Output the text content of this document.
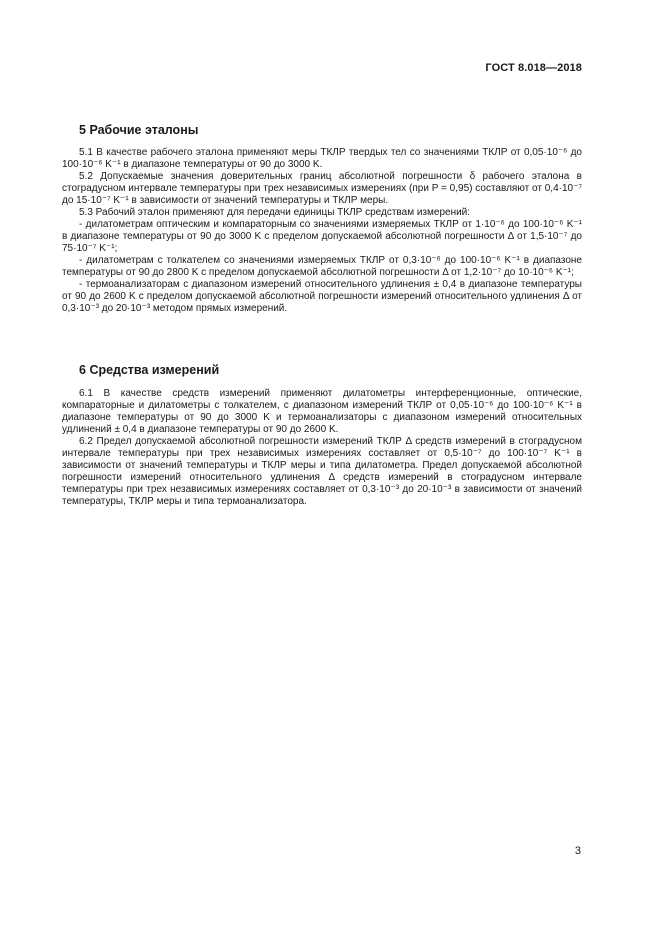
ГОСТ 8.018—2018
5 Рабочие эталоны

5.1 В качестве рабочего эталона применяют меры ТКЛР твердых тел со значениями ТКЛР от 0,05·10⁻⁶ до 100·10⁻⁶ K⁻¹ в диапазоне температуры от 90 до 3000 K.

5.2 Допускаемые значения доверительных границ абсолютной погрешности δ рабочего эталона в стоградусном интервале температуры при трех независимых измерениях (при P = 0,95) составляют от 0,4·10⁻⁷ до 15·10⁻⁷ K⁻¹ в зависимости от значений температуры и ТКЛР меры.

5.3 Рабочий эталон применяют для передачи единицы ТКЛР средствам измерений:

- дилатометрам оптическим и компараторным со значениями измеряемых ТКЛР от 1·10⁻⁶ до 100·10⁻⁶ K⁻¹ в диапазоне температуры от 90 до 3000 K с пределом допускаемой абсолютной погрешности Δ от 1,5·10⁻⁷ до 75·10⁻⁷ K⁻¹;

- дилатометрам с толкателем со значениями измеряемых ТКЛР от 0,3·10⁻⁶ до 100·10⁻⁶ K⁻¹ в диапазоне температуры от 90 до 2800 K с пределом допускаемой абсолютной погрешности Δ от 1,2·10⁻⁷ до 10·10⁻⁶ K⁻¹;

- термоанализаторам с диапазоном измерений относительного удлинения ± 0,4 в диапазоне температуры от 90 до 2600 K с пределом допускаемой абсолютной погрешности измерений относительного удлинения Δ от 0,3·10⁻³ до 20·10⁻³ методом прямых измерений.

6 Средства измерений

6.1 В качестве средств измерений применяют дилатометры интерференционные, оптические, компараторные и дилатометры с толкателем, с диапазоном измерений ТКЛР от 0,05·10⁻⁶ до 100·10⁻⁶ K⁻¹ в диапазоне температуры от 90 до 3000 K и термоанализаторы с диапазоном измерений относительных удлинений ± 0,4 в диапазоне температуры от 90 до 2600 K.

6.2 Предел допускаемой абсолютной погрешности измерений ТКЛР Δ средств измерений в стоградусном интервале температуры при трех независимых измерениях составляет от 0,5·10⁻⁷ до 100·10⁻⁷ K⁻¹ в зависимости от значений температуры и ТКЛР меры и типа дилатометра. Предел допускаемой абсолютной погрешности измерений относительного удлинения Δ средств измерений в стоградусном интервале температуры при трех независимых измерениях составляет от 0,3·10⁻³ до 20·10⁻³ в зависимости от значений температуры, ТКЛР меры и типа термоанализатора.

3
